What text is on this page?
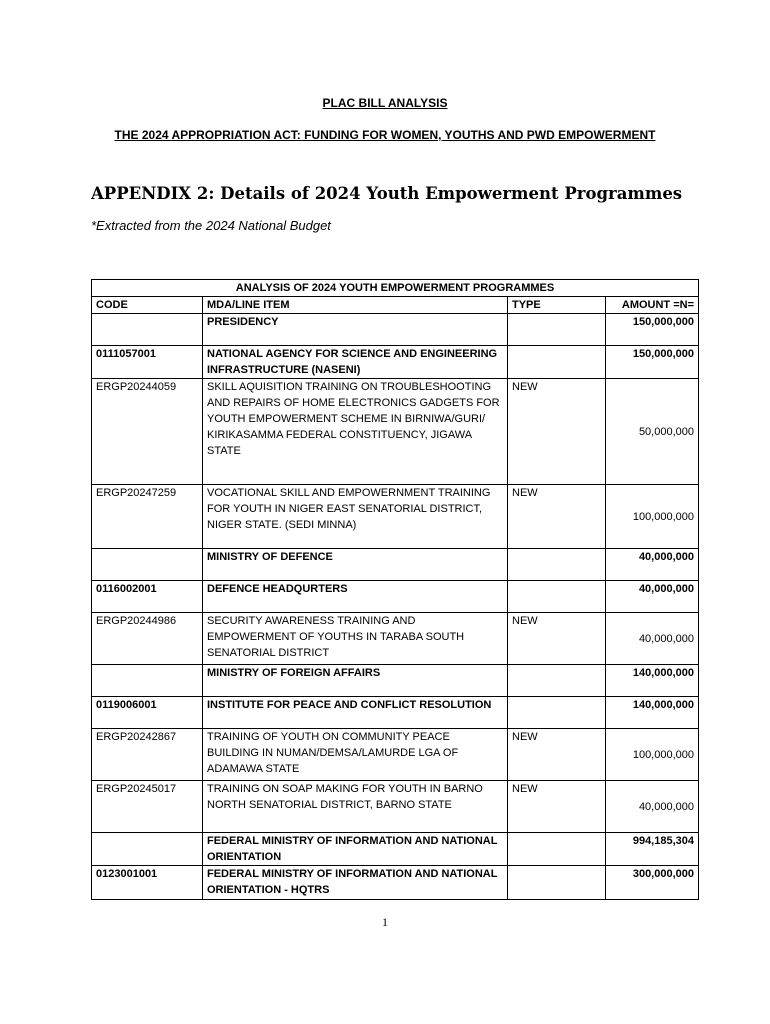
PLAC BILL ANALYSIS
THE 2024 APPROPRIATION ACT: FUNDING FOR WOMEN, YOUTHS AND PWD EMPOWERMENT
APPENDIX 2: Details of 2024 Youth Empowerment Programmes
*Extracted from the 2024 National Budget
ANALYSIS OF 2024 YOUTH EMPOWERMENT PROGRAMMES			
CODE	MDA/LINE ITEM	TYPE	AMOUNT =N=
	PRESIDENCY		150,000,000
0111057001	NATIONAL AGENCY FOR SCIENCE AND ENGINEERING INFRASTRUCTURE (NASENI)		150,000,000
ERGP20244059	SKILL AQUISITION TRAINING ON TROUBLESHOOTING AND REPAIRS OF HOME ELECTRONICS GADGETS FOR YOUTH EMPOWERMENT SCHEME IN BIRNIWA/GURI/ KIRIKASAMMA FEDERAL CONSTITUENCY, JIGAWA STATE	NEW	50,000,000
ERGP20247259	VOCATIONAL SKILL AND EMPOWERNMENT TRAINING FOR YOUTH IN NIGER EAST SENATORIAL DISTRICT, NIGER STATE. (SEDI MINNA)	NEW	100,000,000
	MINISTRY OF DEFENCE		40,000,000
0116002001	DEFENCE HEADQURTERS		40,000,000
ERGP20244986	SECURITY AWARENESS TRAINING AND EMPOWERMENT OF YOUTHS IN TARABA SOUTH SENATORIAL DISTRICT	NEW	40,000,000
	MINISTRY OF FOREIGN AFFAIRS		140,000,000
0119006001	INSTITUTE FOR PEACE AND CONFLICT RESOLUTION		140,000,000
ERGP20242867	TRAINING OF YOUTH ON COMMUNITY PEACE BUILDING IN NUMAN/DEMSA/LAMURDE LGA OF ADAMAWA STATE	NEW	100,000,000
ERGP20245017	TRAINING ON SOAP MAKING FOR YOUTH IN BARNO NORTH SENATORIAL DISTRICT, BARNO STATE	NEW	40,000,000
	FEDERAL MINISTRY OF INFORMATION AND NATIONAL ORIENTATION		994,185,304
0123001001	FEDERAL MINISTRY OF INFORMATION AND NATIONAL ORIENTATION - HQTRS		300,000,000
1
